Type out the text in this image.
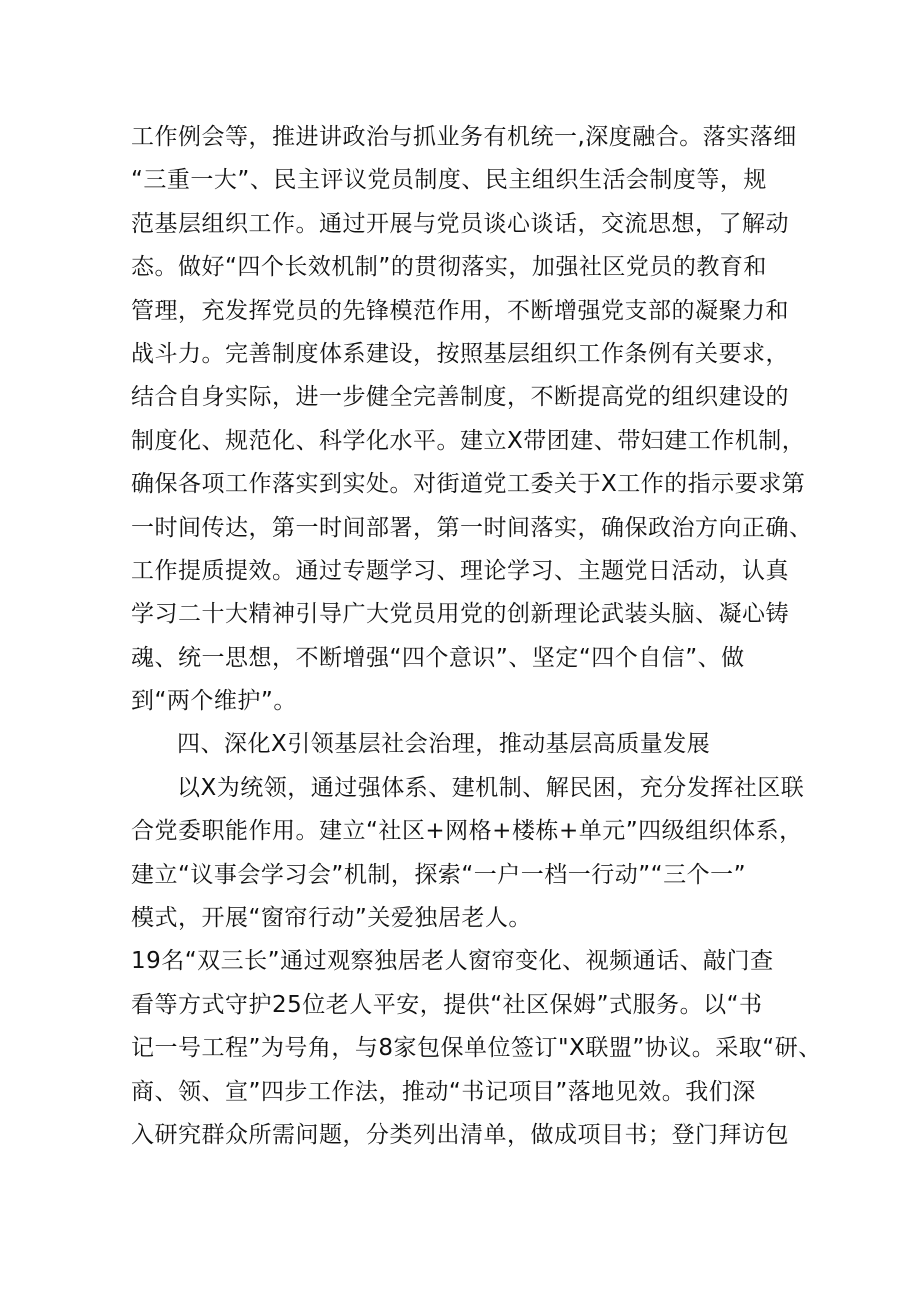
工作例会等，推进讲政治与抓业务有机统一,深度融合。落实落细
“三重一大”、民主评议党员制度、民主组织生活会制度等，规
范基层组织工作。通过开展与党员谈心谈话，交流思想，了解动
态。做好“四个长效机制”的贯彻落实，加强社区党员的教育和
管理，充发挥党员的先锋模范作用，不断增强党支部的凝聚力和
战斗力。完善制度体系建设，按照基层组织工作条例有关要求，
结合自身实际，进一步健全完善制度，不断提高党的组织建设的
制度化、规范化、科学化水平。建立X带团建、带妇建工作机制，
确保各项工作落实到实处。对街道党工委关于X工作的指示要求第
一时间传达，第一时间部署，第一时间落实，确保政治方向正确、
工作提质提效。通过专题学习、理论学习、主题党日活动，认真
学习二十大精神引导广大党员用党的创新理论武装头脑、凝心铸
魂、统一思想，不断增强“四个意识”、坚定“四个自信”、做
到“两个维护”。
四、深化X引领基层社会治理，推动基层高质量发展
以X为统领，通过强体系、建机制、解民困，充分发挥社区联
合党委职能作用。建立“社区+网格+楼栋+单元”四级组织体系，
建立“议事会学习会”机制，探索“一户一档一行动”“三个一”
模式，开展“窗帘行动”关爱独居老人。
19名“双三长”通过观察独居老人窗帘变化、视频通话、敲门查
看等方式守护25位老人平安，提供“社区保姆”式服务。以“书
记一号工程”为号角，与8家包保单位签订"X联盟”协议。采取“研、
商、领、宣”四步工作法，推动“书记项目”落地见效。我们深
入研究群众所需问题，分类列出清单，做成项目书；登门拜访包
